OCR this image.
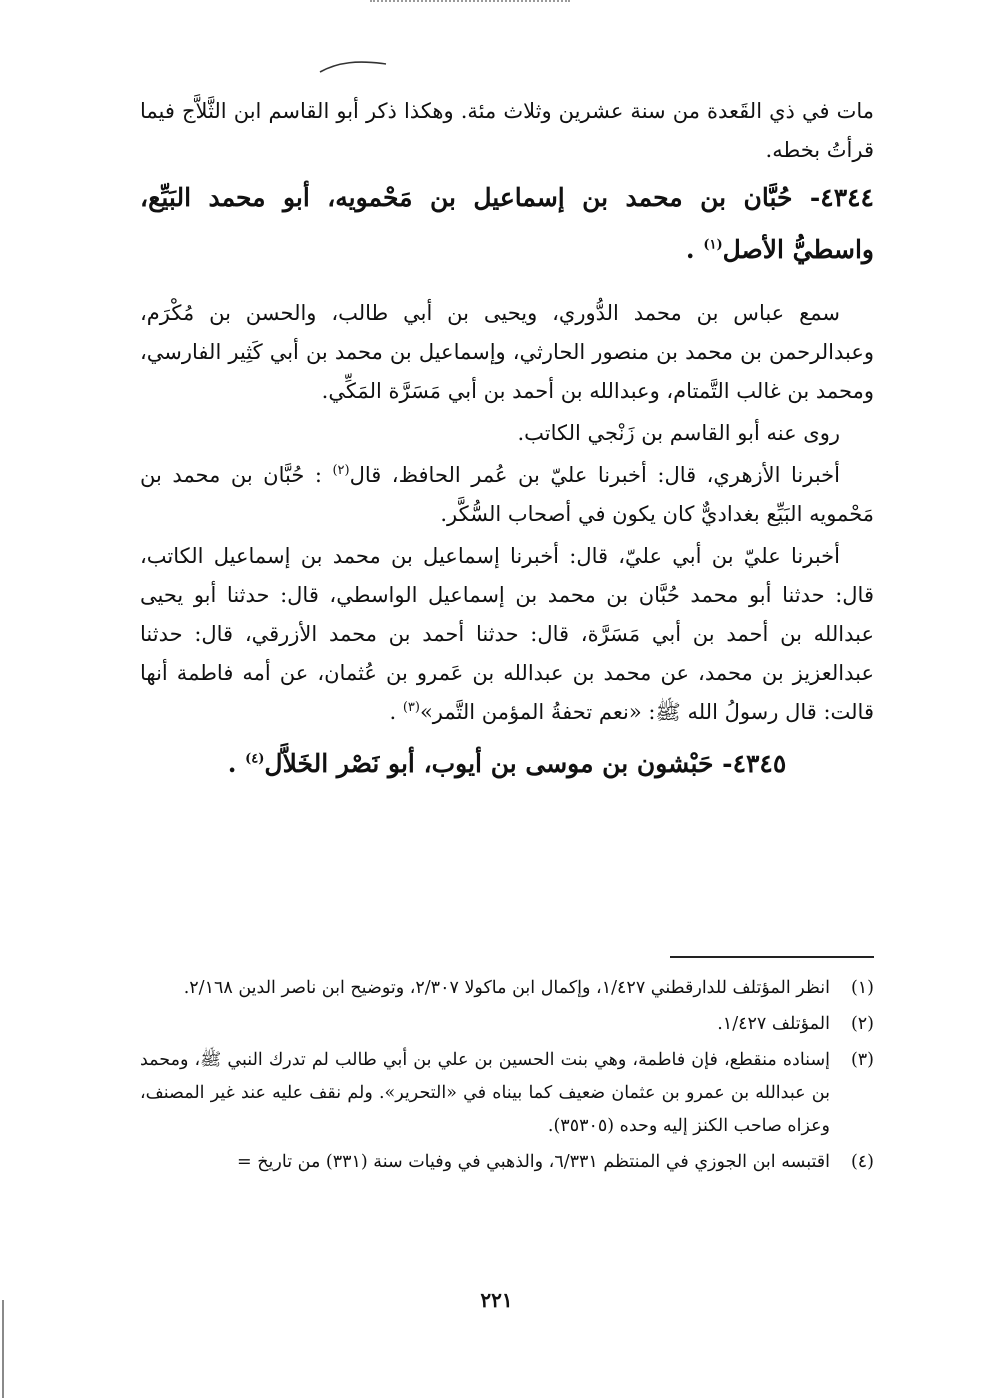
مات في ذي القَعدة من سنة عشرين وثلاث مئة. وهكذا ذكر أبو القاسم ابن الثَّلاَّج فيما قرأتُ بخطه.

٤٣٤٤- حُبَّان بن محمد بن إسماعيل بن مَحْمويه، أبو محمد البَيِّع، واسطيُّ الأصل$^{(١)}$ .

سمع عباس بن محمد الدُّوري، ويحيى بن أبي طالب، والحسن بن مُكْرَم، وعبدالرحمن بن محمد بن منصور الحارثي، وإسماعيل بن محمد بن أبي كَثِير الفارسي، ومحمد بن غالب التَّمتام، وعبدالله بن أحمد بن أبي مَسَرَّة المَكِّي.

روى عنه أبو القاسم بن زَنْجي الكاتب.

أخبرنا الأزهري، قال: أخبرنا عليّ بن عُمر الحافظ، قال$^{(٢)}$ : حُبَّان بن محمد بن مَحْمويه البَيِّع بغداديٌّ كان يكون في أصحاب السُّكَّر.

أخبرنا عليّ بن أبي عليّ، قال: أخبرنا إسماعيل بن محمد بن إسماعيل الكاتب، قال: حدثنا أبو محمد حُبَّان بن محمد بن إسماعيل الواسطي، قال: حدثنا أبو يحيى عبدالله بن أحمد بن أبي مَسَرَّة، قال: حدثنا أحمد بن محمد الأزرقي، قال: حدثنا عبدالعزيز بن محمد، عن محمد بن عبدالله بن عَمرو بن عُثمان، عن أمه فاطمة أنها قالت: قال رسولُ الله ﷺ: «نعم تحفةُ المؤمن التَّمر»$^{(٣)}$ .

٤٣٤٥- حَبْشون بن موسى بن أيوب، أبو نَصْر الخَلاَّل$^{(٤)}$ .

(١)
انظر المؤتلف للدارقطني ١/٤٢٧، وإكمال ابن ماكولا ٢/٣٠٧، وتوضيح ابن ناصر الدين ٢/١٦٨.
(٢)
المؤتلف ١/٤٢٧.
(٣)
إسناده منقطع، فإن فاطمة، وهي بنت الحسين بن علي بن أبي طالب لم تدرك النبي ﷺ، ومحمد بن عبدالله بن عمرو بن عثمان ضعيف كما بيناه في «التحرير». ولم نقف عليه عند غير المصنف، وعزاه صاحب الكنز إليه وحده (٣٥٣٠٥).
(٤)
اقتبسه ابن الجوزي في المنتظم ٦/٣٣١، والذهبي في وفيات سنة (٣٣١) من تاريخ =
٢٢١
